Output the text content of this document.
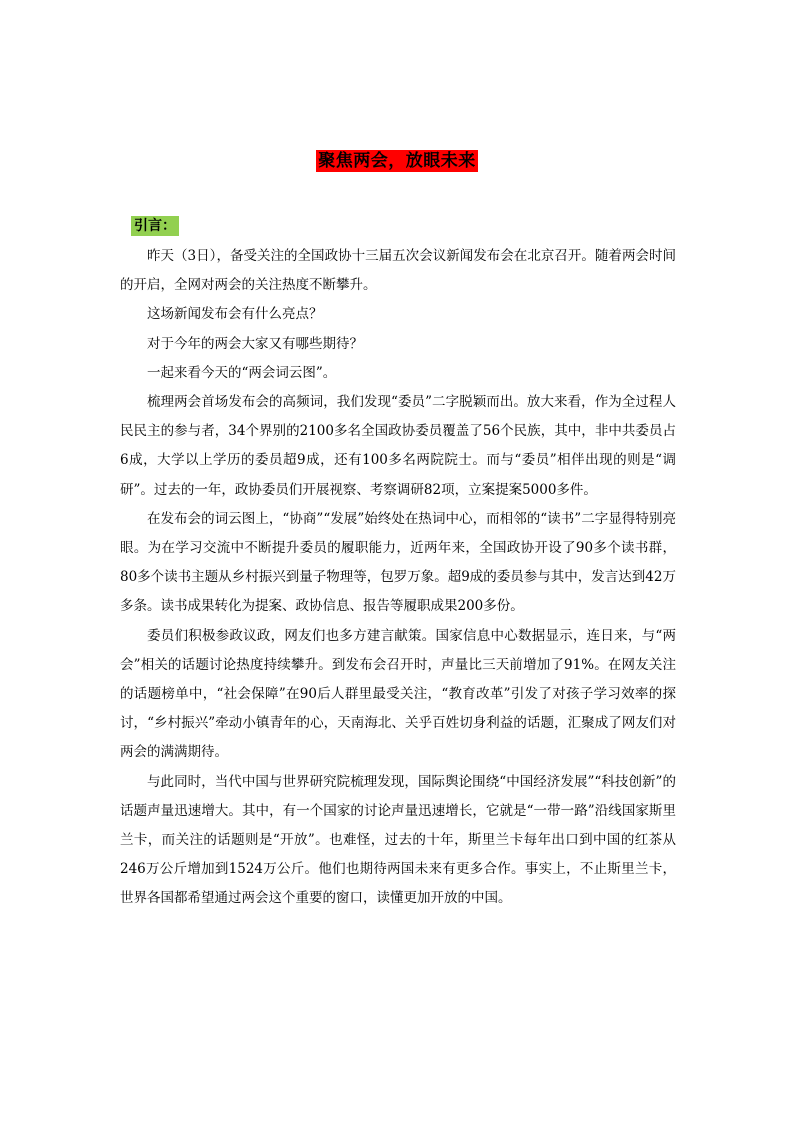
聚焦两会，放眼未来
引言：

昨天（3日），备受关注的全国政协十三届五次会议新闻发布会在北京召开。随着两会时间的开启，全网对两会的关注热度不断攀升。

这场新闻发布会有什么亮点？

对于今年的两会大家又有哪些期待？

一起来看今天的“两会词云图”。

梳理两会首场发布会的高频词，我们发现“委员”二字脱颖而出。放大来看，作为全过程人民民主的参与者，34个界别的2100多名全国政协委员覆盖了56个民族，其中，非中共委员占6成，大学以上学历的委员超9成，还有100多名两院院士。而与“委员”相伴出现的则是“调研”。过去的一年，政协委员们开展视察、考察调研82项，立案提案5000多件。

在发布会的词云图上，“协商”“发展”始终处在热词中心，而相邻的“读书”二字显得特别亮眼。为在学习交流中不断提升委员的履职能力，近两年来，全国政协开设了90多个读书群，80多个读书主题从乡村振兴到量子物理等，包罗万象。超9成的委员参与其中，发言达到42万多条。读书成果转化为提案、政协信息、报告等履职成果200多份。

委员们积极参政议政，网友们也多方建言献策。国家信息中心数据显示，连日来，与“两会”相关的话题讨论热度持续攀升。到发布会召开时，声量比三天前增加了91%。在网友关注的话题榜单中，“社会保障”在90后人群里最受关注，“教育改革”引发了对孩子学习效率的探讨，“乡村振兴”牵动小镇青年的心，天南海北、关乎百姓切身利益的话题，汇聚成了网友们对两会的满满期待。

与此同时，当代中国与世界研究院梳理发现，国际舆论围绕“中国经济发展”“科技创新”的话题声量迅速增大。其中，有一个国家的讨论声量迅速增长，它就是“一带一路”沿线国家斯里兰卡，而关注的话题则是“开放”。也难怪，过去的十年，斯里兰卡每年出口到中国的红茶从246万公斤增加到1524万公斤。他们也期待两国未来有更多合作。事实上，不止斯里兰卡，世界各国都希望通过两会这个重要的窗口，读懂更加开放的中国。
